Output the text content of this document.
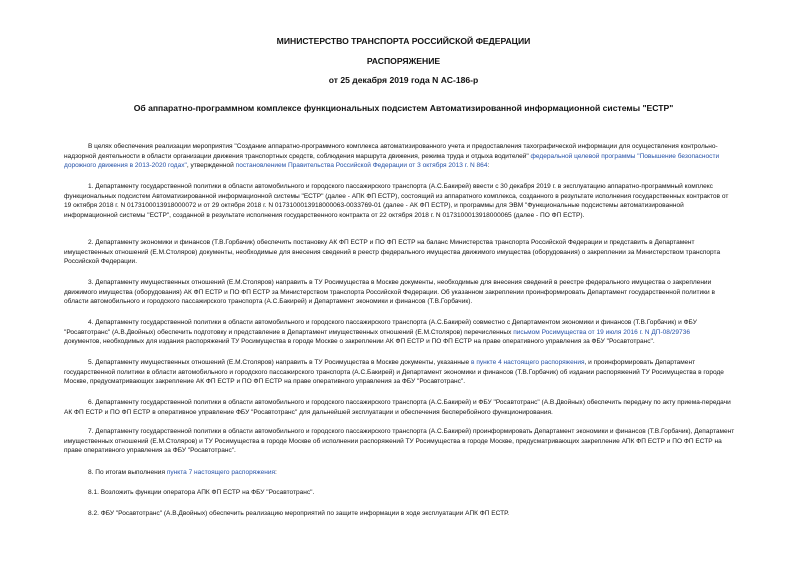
МИНИСТЕРСТВО ТРАНСПОРТА РОССИЙСКОЙ ФЕДЕРАЦИИ
РАСПОРЯЖЕНИЕ
от 25 декабря 2019 года N АС-186-р
Об аппаратно-программном комплексе функциональных подсистем Автоматизированной информационной системы "ЕСТР"
В целях обеспечения реализации мероприятия "Создание аппаратно-программного комплекса автоматизированного учета и предоставления тахографической информации для осуществления контрольно-
надзорной деятельности в области организации движения транспортных средств, соблюдения маршрута движения, режима труда и отдыха водителей" федеральной целевой программы "Повышение безопасности
дорожного движения в 2013-2020 годах", утвержденной постановлением Правительства Российской Федерации от 3 октября 2013 г. N 864:
1. Департаменту государственной политики в области автомобильного и городского пассажирского транспорта (А.С.Бакирей) ввести с 30 декабря 2019 г. в эксплуатацию аппаратно-программный комплекс
функциональных подсистем Автоматизированной информационной системы "ЕСТР" (далее - АПК ФП ЕСТР), состоящий из аппаратного комплекса, созданного в результате исполнения государственных контрактов от
19 октября 2018 г. N 0173100013918000072 и от 29 октября 2018 г. N 0173100013918000063-0033769-01 (далее - АК ФП ЕСТР), и программы для ЭВМ "Функциональные подсистемы автоматизированной
информационной системы "ЕСТР", созданной в результате исполнения государственного контракта от 22 октября 2018 г. N 0173100013918000065 (далее - ПО ФП ЕСТР).
2. Департаменту экономики и финансов (Т.В.Горбачик) обеспечить постановку АК ФП ЕСТР и ПО ФП ЕСТР на баланс Министерства транспорта Российской Федерации и представить в Департамент
имущественных отношений (Е.М.Столяров) документы, необходимые для внесения сведений в реестр федерального имущества движимого имущества (оборудования) о закреплении за Министерством транспорта
Российской Федерации.
3. Департаменту имущественных отношений (Е.М.Столяров) направить в ТУ Росимущества в Москве документы, необходимые для внесения сведений в реестре федерального имущества о закреплении
движимого имущества (оборудования) АК ФП ЕСТР и ПО ФП ЕСТР за Министерством транспорта Российской Федерации. Об указанном закреплении проинформировать Департамент государственной политики в
области автомобильного и городского пассажирского транспорта (А.С.Бакирей) и Департамент экономики и финансов (Т.В.Горбачик).
4. Департаменту государственной политики в области автомобильного и городского пассажирского транспорта (А.С.Бакирей) совместно с Департаментом экономики и финансов (Т.В.Горбачик) и ФБУ
"Росавтотранс" (А.В.Двойных) обеспечить подготовку и представление в Департамент имущественных отношений (Е.М.Столяров) перечисленных письмом Росимущества от 19 июля 2016 г. N ДП-08/29736
документов, необходимых для издания распоряжений ТУ Росимущества в городе Москве о закреплении АК ФП ЕСТР и ПО ФП ЕСТР на праве оперативного управления за ФБУ "Росавтотранс".
5. Департаменту имущественных отношений (Е.М.Столяров) направить в ТУ Росимущества в Москве документы, указанные в пункте 4 настоящего распоряжения, и проинформировать Департамент
государственной политики в области автомобильного и городского пассажирского транспорта (А.С.Бакирей) и Департамент экономики и финансов (Т.В.Горбачик) об издании распоряжений ТУ Росимущества в городе
Москве, предусматривающих закрепление АК ФП ЕСТР и ПО ФП ЕСТР на праве оперативного управления за ФБУ "Росавтотранс".
6. Департаменту государственной политики в области автомобильного и городского пассажирского транспорта (А.С.Бакирей) и ФБУ "Росавтотранс" (А.В.Двойных) обеспечить передачу по акту приема-передачи
АК ФП ЕСТР и ПО ФП ЕСТР в оперативное управление ФБУ "Росавтотранс" для дальнейшей эксплуатации и обеспечения бесперебойного функционирования.
7. Департаменту государственной политики в области автомобильного и городского пассажирского транспорта (А.С.Бакирей) проинформировать Департамент экономики и финансов (Т.В.Горбачик), Департамент
имущественных отношений (Е.М.Столяров) и ТУ Росимущества в городе Москве об исполнении распоряжений ТУ Росимущества в городе Москве, предусматривающих закрепление АПК ФП ЕСТР и ПО ФП ЕСТР на
праве оперативного управления за ФБУ "Росавтотранс".
8. По итогам выполнения пункта 7 настоящего распоряжения:
8.1. Возложить функции оператора АПК ФП ЕСТР на ФБУ "Росавтотранс".
8.2. ФБУ "Росавтотранс" (А.В.Двойных) обеспечить реализацию мероприятий по защите информации в ходе эксплуатации АПК ФП ЕСТР.
